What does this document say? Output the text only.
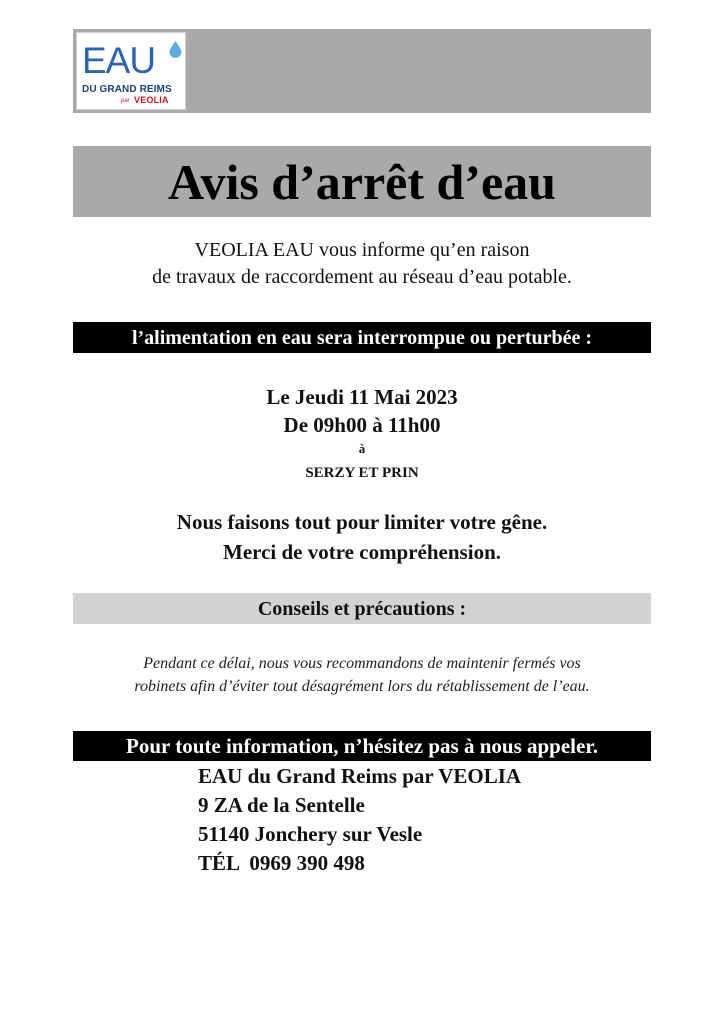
EAU
DU GRAND REIMS
par VEOLIA
Avis d’arrêt d’eau
VEOLIA EAU vous informe qu’en raison
de travaux de raccordement au réseau d’eau potable.
l’alimentation en eau sera interrompue ou perturbée :
Le Jeudi 11 Mai 2023
De 09h00 à 11h00
à
SERZY ET PRIN
Nous faisons tout pour limiter votre gêne.
Merci de votre compréhension.
Conseils et précautions :
Pendant ce délai, nous vous recommandons de maintenir fermés vos
robinets afin d’éviter tout désagrément lors du rétablissement de l’eau.
Pour toute information, n’hésitez pas à nous appeler.
EAU du Grand Reims par VEOLIA
9 ZA de la Sentelle
51140 Jonchery sur Vesle
TÉL  0969 390 498
